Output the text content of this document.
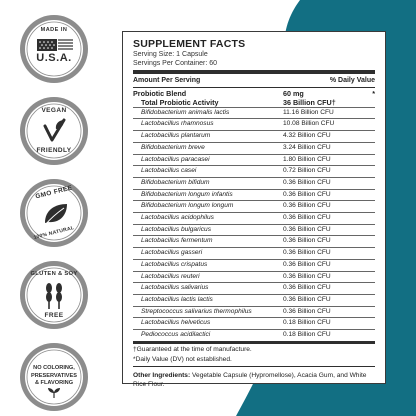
MADE IN
U.S.A.
VEGAN
FRIENDLY
GMO FREE
100% NATURAL
GLUTEN & SOY
FREE
NO COLORING,
PRESERVATIVES
& FLAVORING
SUPPLEMENT FACTS
Serving Size: 1 Capsule
Servings Per Container: 60
Amount Per Serving	% Daily Value
Probiotic Blend	60 mg	*
Total Probiotic Activity	36 Billion CFU†
Bifidobacterium animalis lactis	11.16 Billion CFU
Lactobacillus rhamnosus	10.08 Billion CFU
Lactobacillus plantarum	4.32 Billion CFU
Bifidobacterium breve	3.24 Billion CFU
Lactobacillus paracasei	1.80 Billion CFU
Lactobacillus casei	0.72 Billion CFU
Bifidobacterium bifidum	0.36 Billion CFU
Bifidobacterium longum infantis	0.36 Billion CFU
Bifidobacterium longum longum	0.36 Billion CFU
Lactobacillus acidophilus	0.36 Billion CFU
Lactobacillus bulgaricus	0.36 Billion CFU
Lactobacillus fermentum	0.36 Billion CFU
Lactobacillus gasseri	0.36 Billion CFU
Lactobacillus crispatus	0.36 Billion CFU
Lactobacillus reuteri	0.36 Billion CFU
Lactobacillus salivarius	0.36 Billion CFU
Lactobacillus lactis lactis	0.36 Billion CFU
Streptococcus salivarius thermophilus	0.36 Billion CFU
Lactobacillus helveticus	0.18 Billion CFU
Pediococcus acidilactici	0.18 Billion CFU
†Guaranteed at the time of manufacture.
*Daily Value (DV) not established.
Other Ingredients: Vegetable Capsule (Hypromellose), Acacia Gum, and White Rice Flour.
